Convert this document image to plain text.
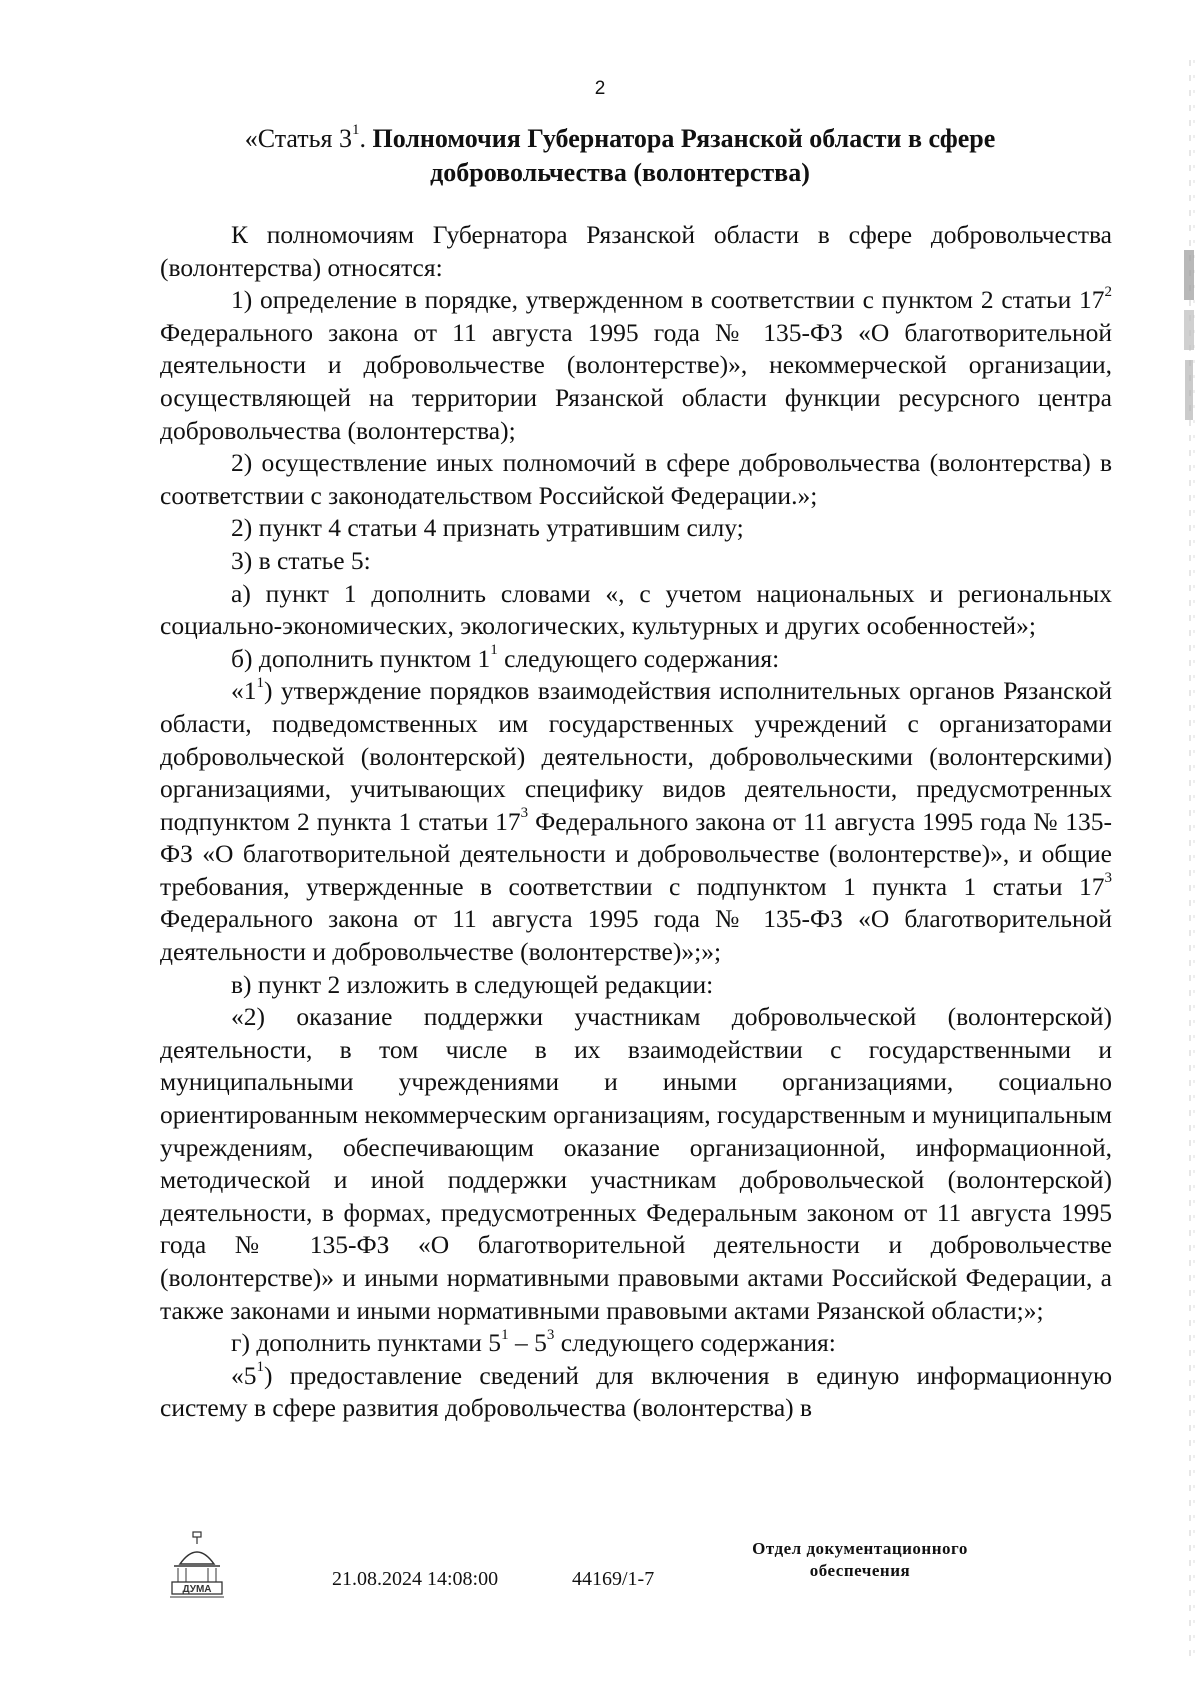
2
«Статья $3^1$. Полномочия Губернатора Рязанской области в сфере
добровольчества (волонтерства)

К полномочиям Губернатора Рязанской области в сфере добровольчества (волонтерства) относятся:

1) определение в порядке, утвержденном в соответствии с пунктом 2 статьи $17^2$ Федерального закона от 11 августа 1995 года № 135-ФЗ «О благотворительной деятельности и добровольчестве (волонтерстве)», некоммерческой организации, осуществляющей на территории Рязанской области функции ресурсного центра добровольчества (волонтерства);

2) осуществление иных полномочий в сфере добровольчества (волонтерства) в соответствии с законодательством Российской Федерации.»;

2) пункт 4 статьи 4 признать утратившим силу;

3) в статье 5:

а) пункт 1 дополнить словами «, с учетом национальных и региональных социально-экономических, экологических, культурных и других особенностей»;

б) дополнить пунктом $1^1$ следующего содержания:

«$1^1$) утверждение порядков взаимодействия исполнительных органов Рязанской области, подведомственных им государственных учреждений с организаторами добровольческой (волонтерской) деятельности, добровольческими (волонтерскими) организациями, учитывающих специфику видов деятельности, предусмотренных подпунктом 2 пункта 1 статьи $17^3$ Федерального закона от 11 августа 1995 года № 135-ФЗ «О благотворительной деятельности и добровольчестве (волонтерстве)», и общие требования, утвержденные в соответствии с подпунктом 1 пункта 1 статьи $17^3$ Федерального закона от 11 августа 1995 года № 135-ФЗ «О благотворительной деятельности и добровольчестве (волонтерстве)»;»;

в) пункт 2 изложить в следующей редакции:

«2) оказание поддержки участникам добровольческой (волонтерской) деятельности, в том числе в их взаимодействии с государственными и муниципальными учреждениями и иными организациями, социально ориентированным некоммерческим организациям, государственным и муниципальным учреждениям, обеспечивающим оказание организационной, информационной, методической и иной поддержки участникам добровольческой (волонтерской) деятельности, в формах, предусмотренных Федеральным законом от 11 августа 1995 года № 135-ФЗ «О благотворительной деятельности и добровольчестве (волонтерстве)» и иными нормативными правовыми актами Российской Федерации, а также законами и иными нормативными правовыми актами Рязанской области;»;

г) дополнить пунктами $5^1 - 5^3$ следующего содержания:

«$5^1$) предоставление сведений для включения в единую информационную систему в сфере развития добровольчества (волонтерства) в

ДУМА	21.08.2024 14:08:00	44169/1-7
Отдел документационного
обеспечения
